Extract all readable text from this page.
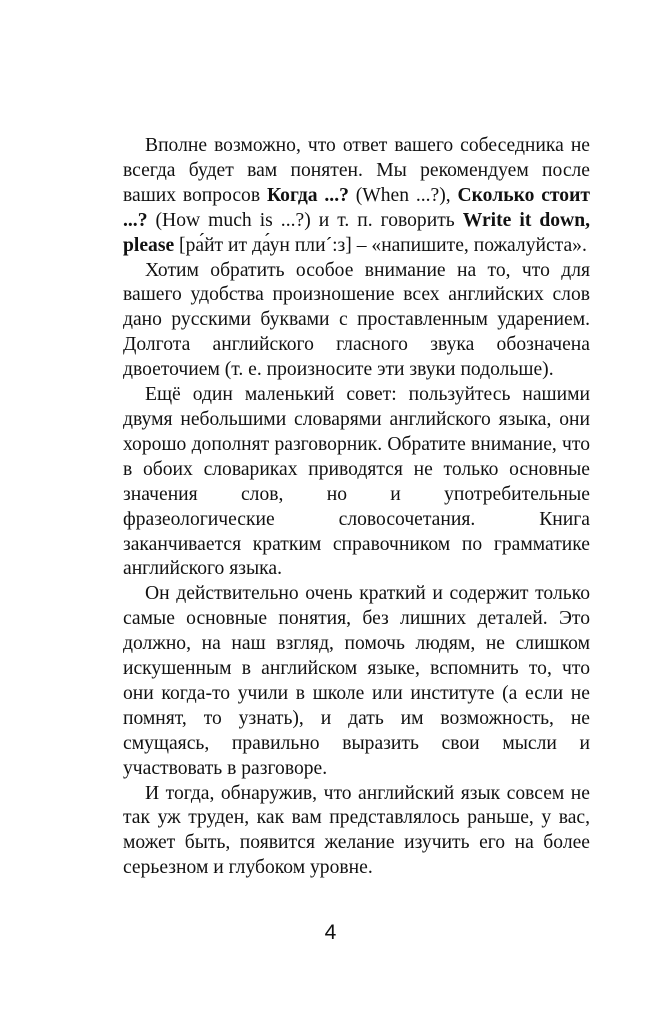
Вполне возможно, что ответ вашего собеседника не всегда будет вам понятен. Мы рекомендуем после ваших вопросов Когда ...? (When ...?), Сколько стоит ...? (How much is ...?) и т. п. говорить Write it down, please [ра́йт ит да́ун плиˊ:з] – «напишите, пожалуйста».

Хотим обратить особое внимание на то, что для вашего удобства произношение всех английских слов дано русскими буквами с проставленным ударением. Долгота английского гласного звука обозначена двоеточием (т. е. произносите эти звуки подольше).

Ещё один маленький совет: пользуйтесь нашими двумя небольшими словарями английского языка, они хорошо дополнят разговорник. Обратите внимание, что в обоих словариках приводятся не только основные значения слов, но и употребительные фразеологические словосочетания. Книга заканчивается кратким справочником по грамматике английского языка.

Он действительно очень краткий и содержит только самые основные понятия, без лишних деталей. Это должно, на наш взгляд, помочь людям, не слишком искушенным в английском языке, вспомнить то, что они когда-то учили в школе или институте (а если не помнят, то узнать), и дать им возможность, не смущаясь, правильно выразить свои мысли и участвовать в разговоре.

И тогда, обнаружив, что английский язык совсем не так уж труден, как вам представлялось раньше, у вас, может быть, появится желание изучить его на более серьезном и глубоком уровне.

4
